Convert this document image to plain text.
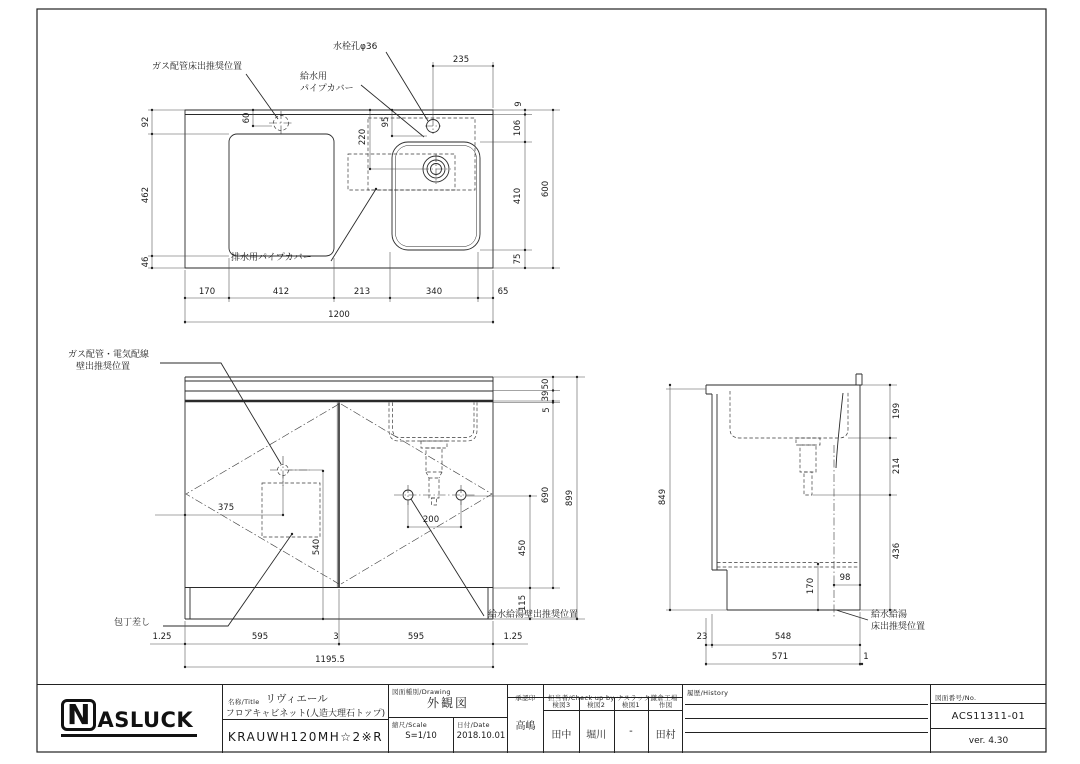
水栓孔φ36
ガス配管床出推奨位置
給水用
パイプカバー
排水用パイプカバー
235
92
462
46
60	95
220
9
106
410
75
600
170	412	213	340	65
1200
ガス配管・電気配線
壁出推奨位置
包丁差し
給水給湯壁出推奨位置
50
39
5
690
115
450
899
375
540
200
1.25	595	3	595	1.25
1195.5
給水給湯
床出推奨位置
849
199
214
436
170
98
23	548
571	1
N ASLUCK
名称/Title リヴィエール
フロアキャビネット(人造大理石トップ)
KRAUWH120MH☆2※R
図面種別/Drawing
外観図
縮尺/Scale
S=1/10
日付/Date
2018.10.01
承認印
高嶋
担当者/Check up by ナスラック鎌倉工場
検図3	検図2	検図1	作図
田中	堀川	-	田村
履歴/History
図面番号/No.
ACS11311-01
ver. 4.30
